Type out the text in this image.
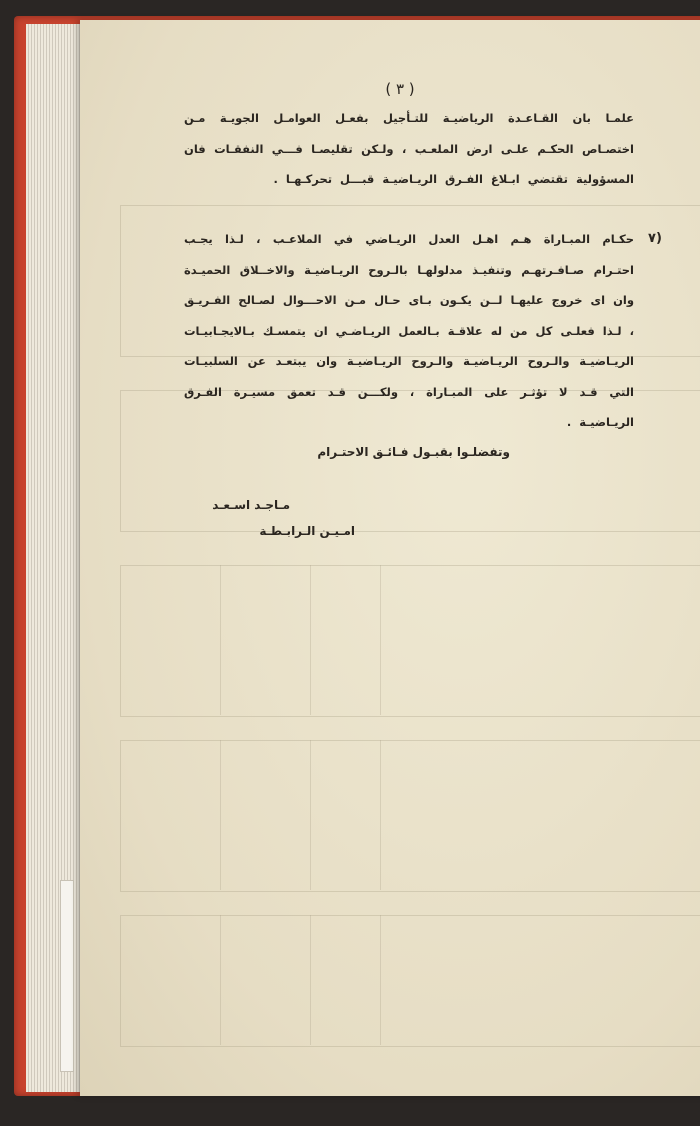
( ٣ )
علمـا بان القـاعـدة الرياضيـة للتـأجيل بفعـل العوامـل الجويـة مـن اختصـاص الحكـم علـى ارض الملعـب ، ولـكن تقليصـا فـــي النفقـات فان المسؤولية تقتضي ابـلاغ الفـرق الريـاضيـة قبـــل تحركـهـا .
٧)
حكـام المبـاراة هـم اهـل العدل الريـاضي في الملاعـب ، لـذا يجـب احتـرام صـافـرتهـم وتنفيـذ مدلولهـا بالـروح الريـاضيـة والاخــلاق الحميـدة وان اى خروج عليهـا لــن يكـون بـاى حـال مـن الاحـــوال لصـالح الفـريـق ، لـذا فعلـى كل من له علاقـة بـالعمل الريـاضـي ان يتمسـك بـالايجـابيـات الريـاضيـة والـروح الريـاضيـة والـروح الريـاضيـة وان يبتعـد عن السلبيـات التي قـد لا تؤثـر على المبـاراة ، ولكـــن قـد تعمق مسيـرة الفـرق الريـاضيـة .
وتفضلـوا بقبـول فـائـق الاحتـرام
مـاجـد اسـعـد
امـيـن الـرابـطـة
